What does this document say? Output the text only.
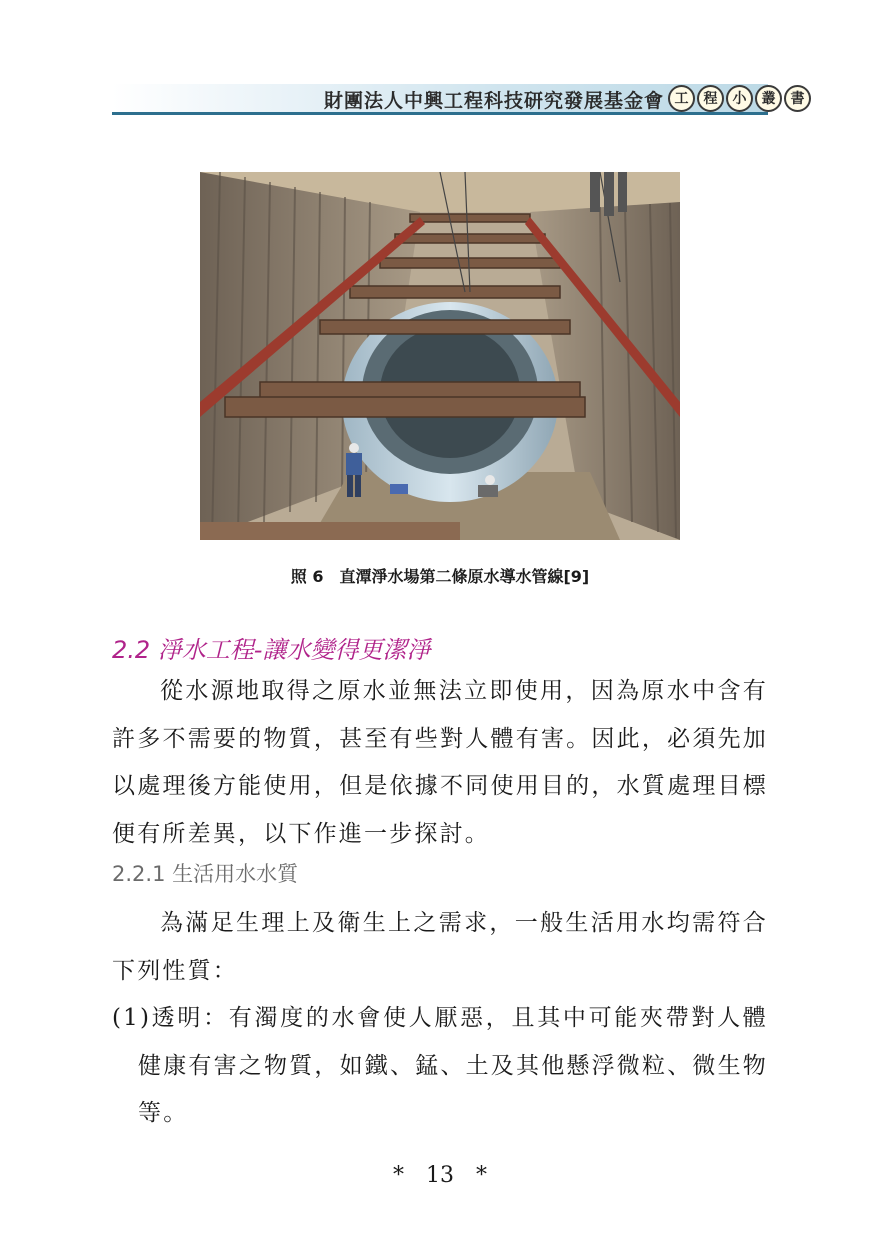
財團法人中興工程科技研究發展基金會 工	程	小	叢	書
照 6　直潭淨水場第二條原水導水管線[9]
2.2 淨水工程-讓水變得更潔淨

從水源地取得之原水並無法立即使用，因為原水中含有許多不需要的物質，甚至有些對人體有害。因此，必須先加以處理後方能使用，但是依據不同使用目的，水質處理目標便有所差異，以下作進一步探討。

2.2.1 生活用水水質

為滿足生理上及衛生上之需求，一般生活用水均需符合下列性質：

(1)透明：有濁度的水會使人厭惡，且其中可能夾帶對人體健康有害之物質，如鐵、錳、土及其他懸浮微粒、微生物等。

*　13　*
